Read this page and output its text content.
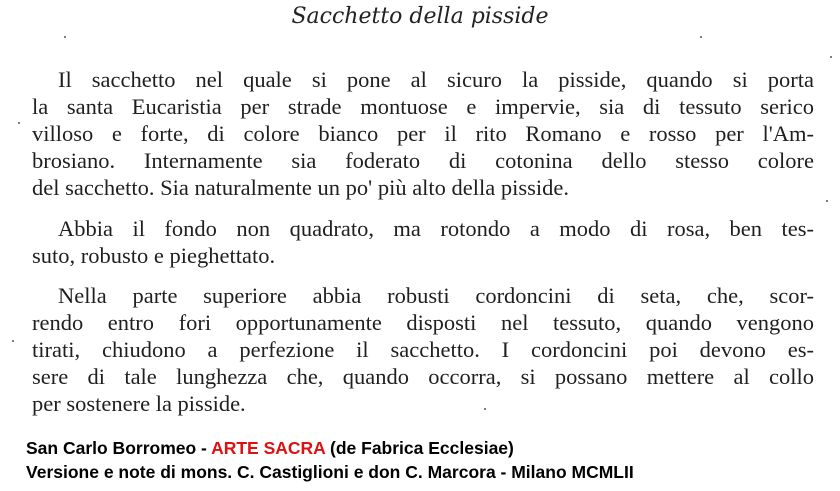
Sacchetto della pisside

Il sacchetto nel quale si pone al sicuro la pisside, quando si porta
la santa Eucaristia per strade montuose e impervie, sia di tessuto serico
villoso e forte, di colore bianco per il rito Romano e rosso per l'Am-
brosiano. Internamente sia foderato di cotonina dello stesso colore
del sacchetto. Sia naturalmente un po' più alto della pisside.

Abbia il fondo non quadrato, ma rotondo a modo di rosa, ben tes-
suto, robusto e pieghettato.

Nella parte superiore abbia robusti cordoncini di seta, che, scor-
rendo entro fori opportunamente disposti nel tessuto, quando vengono
tirati, chiudono a perfezione il sacchetto. I cordoncini poi devono es-
sere di tale lunghezza che, quando occorra, si possano mettere al collo
per sostenere la pisside.

San Carlo Borromeo - ARTE SACRA (de Fabrica Ecclesiae)
Versione e note di mons. C. Castiglioni e don C. Marcora - Milano MCMLII
